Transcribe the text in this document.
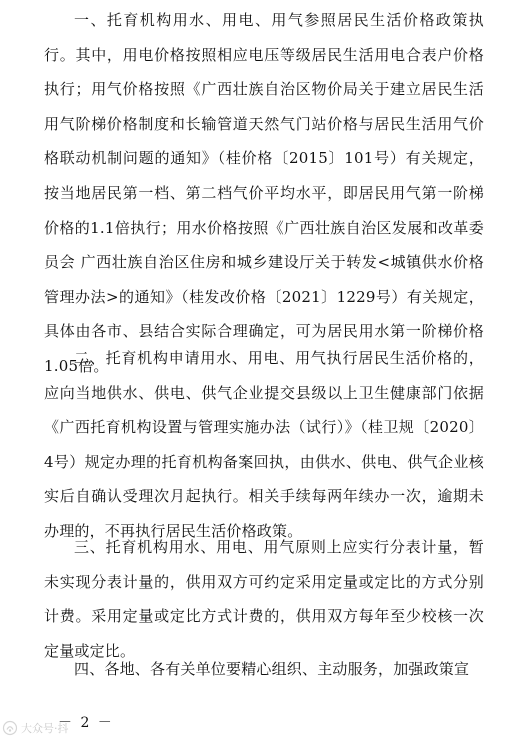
一、托育机构用水、用电、用气参照居民生活价格政策执行。其中，用电价格按照相应电压等级居民生活用电合表户价格执行；用气价格按照《广西壮族自治区物价局关于建立居民生活用气阶梯价格制度和长输管道天然气门站价格与居民生活用气价格联动机制问题的通知》（桂价格〔2015〕101号）有关规定，按当地居民第一档、第二档气价平均水平，即居民用气第一阶梯价格的1.1倍执行；用水价格按照《广西壮族自治区发展和改革委员会 广西壮族自治区住房和城乡建设厅关于转发<城镇供水价格管理办法>的通知》（桂发改价格〔2021〕1229号）有关规定，具体由各市、县结合实际合理确定，可为居民用水第一阶梯价格1.05倍。

二、托育机构申请用水、用电、用气执行居民生活价格的，应向当地供水、供电、供气企业提交县级以上卫生健康部门依据《广西托育机构设置与管理实施办法（试行）》（桂卫规〔2020〕4号）规定办理的托育机构备案回执，由供水、供电、供气企业核实后自确认受理次月起执行。相关手续每两年续办一次，逾期未办理的，不再执行居民生活价格政策。

三、托育机构用水、用电、用气原则上应实行分表计量，暂未实现分表计量的，供用双方可约定采用定量或定比的方式分别计费。采用定量或定比方式计费的，供用双方每年至少校核一次定量或定比。

四、各地、各有关单位要精心组织、主动服务，加强政策宣

－ 2 －
大众号·抖
